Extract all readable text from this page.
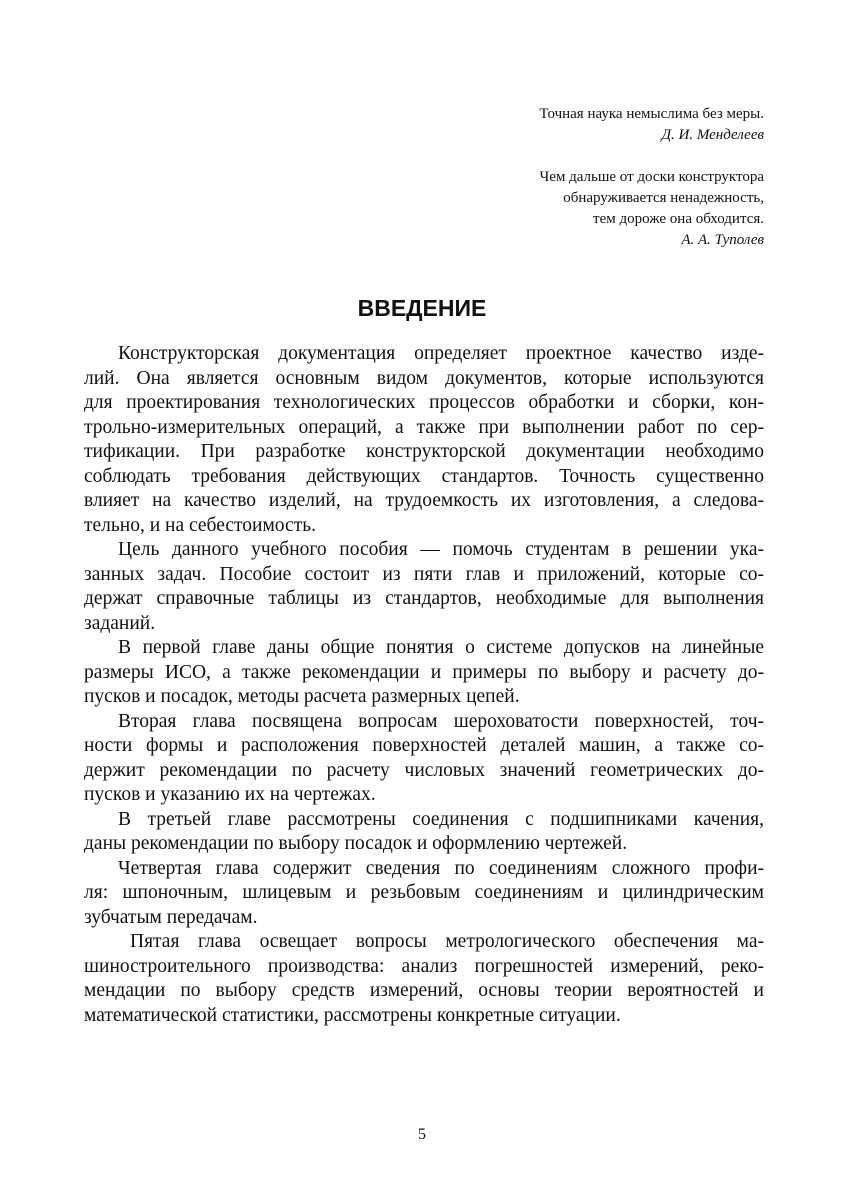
Точная наука немыслима без меры.
Д. И. Менделеев
Чем дальше от доски конструктора
обнаруживается ненадежность,
тем дороже она обходится.
А. А. Туполев
ВВЕДЕНИЕ

Конструкторская документация определяет проектное качество изде-
лий. Она является основным видом документов, которые используются
для проектирования технологических процессов обработки и сборки, кон-
трольно-измерительных операций, а также при выполнении работ по сер-
тификации. При разработке конструкторской документации необходимо
соблюдать требования действующих стандартов. Точность существенно
влияет на качество изделий, на трудоемкость их изготовления, а следова-
тельно, и на себестоимость.

Цель данного учебного пособия — помочь студентам в решении ука-
занных задач. Пособие состоит из пяти глав и приложений, которые со-
держат справочные таблицы из стандартов, необходимые для выполнения
заданий.

В первой главе даны общие понятия о системе допусков на линейные
размеры ИСО, а также рекомендации и примеры по выбору и расчету до-
пусков и посадок, методы расчета размерных цепей.

Вторая глава посвящена вопросам шероховатости поверхностей, точ-
ности формы и расположения поверхностей деталей машин, а также со-
держит рекомендации по расчету числовых значений геометрических до-
пусков и указанию их на чертежах.

В третьей главе рассмотрены соединения с подшипниками качения,
даны рекомендации по выбору посадок и оформлению чертежей.

Четвертая глава содержит сведения по соединениям сложного профи-
ля: шпоночным, шлицевым и резьбовым соединениям и цилиндрическим
зубчатым передачам.

Пятая глава освещает вопросы метрологического обеспечения ма-
шиностроительного производства: анализ погрешностей измерений, реко-
мендации по выбору средств измерений, основы теории вероятностей и
математической статистики, рассмотрены конкретные ситуации.

5
